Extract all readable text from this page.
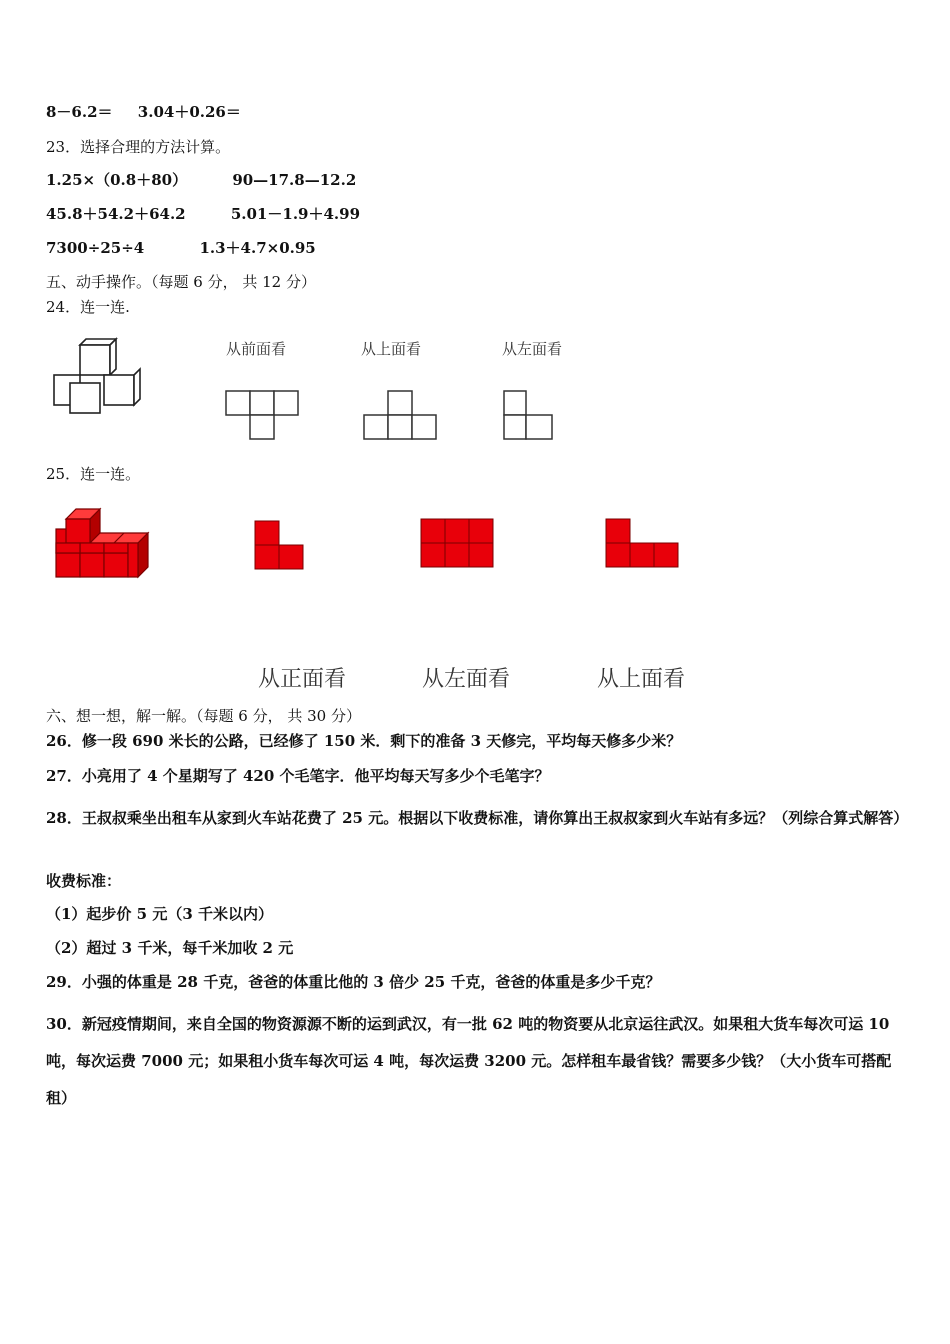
8－6.2＝ 3.04＋0.26＝
23．选择合理的方法计算。
1.25×（0.8＋80）	90—17.8—12.2
45.8＋54.2＋64.2	5.01－1.9＋4.99
7300÷25÷4	1.3＋4.7×0.95
五、动手操作。（每题 6 分， 共 12 分）
24．连一连.
从前面看	从上面看	从左面看
25．连一连。
从正面看	从左面看	从上面看
六、想一想，解一解。（每题 6 分， 共 30 分）
26．修一段 690 米长的公路，已经修了 150 米．剩下的准备 3 天修完，平均每天修多少米？
27．小亮用了 4 个星期写了 420 个毛笔字．他平均每天写多少个毛笔字？
28．王叔叔乘坐出租车从家到火车站花费了 25 元。根据以下收费标准，请你算出王叔叔家到火车站有多远？（列综合算式解答）
收费标准：
（1）起步价 5 元（3 千米以内）
（2）超过 3 千米，每千米加收 2 元
29．小强的体重是 28 千克，爸爸的体重比他的 3 倍少 25 千克，爸爸的体重是多少千克？
30．新冠疫情期间，来自全国的物资源源不断的运到武汉，有一批 62 吨的物资要从北京运往武汉。如果租大货车每次可运 10 吨，每次运费 7000 元；如果租小货车每次可运 4 吨，每次运费 3200 元。怎样租车最省钱？需要多少钱？（大小货车可搭配租）
